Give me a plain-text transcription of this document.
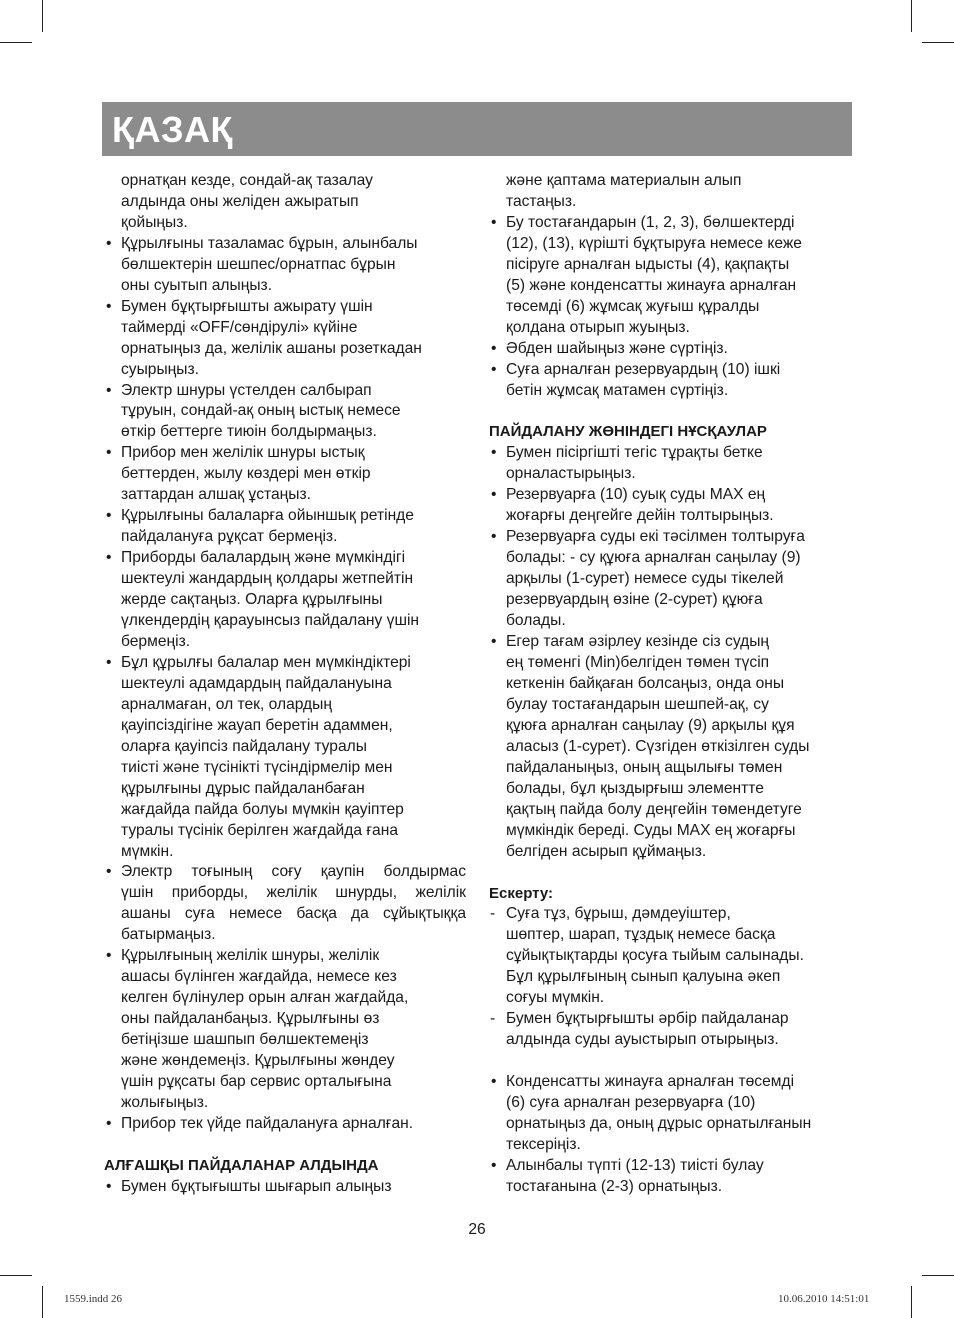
ҚАЗАҚ
орнатқан кезде, сондай-ақ тазалау
алдында оны желіден ажыратып
қойыңыз.
• Құрылғыны тазаламас бұрын, алынбалы
бөлшектерін шешпес/орнатпас бұрын
оны суытып алыңыз.
• Бумен бұқтырғышты ажырату үшін
таймерді «OFF/сөндірулі» күйіне
орнатыңыз да, желілік ашаны розеткадан
суырыңыз.
• Электр шнуры үстелден салбырап
тұруын, сондай-ақ оның ыстық немесе
өткір беттерге тиюін болдырмаңыз.
• Прибор мен желілік шнуры ыстық
беттерден, жылу көздері мен өткір
заттардан алшақ ұстаңыз.
• Құрылғыны балаларға ойыншық ретінде
пайдалануға рұқсат бермеңіз.
• Приборды балалардың және мүмкіндігі
шектеулі жандардың қолдары жетпейтін
жерде сақтаңыз. Оларға құрылғыны
үлкендердің қарауынсыз пайдалану үшін
бермеңіз.
• Бұл құрылғы балалар мен мүмкіндіктері
шектеулі адамдардың пайдалануына
арналмаған, ол тек, олардың
қауіпсіздігіне жауап беретін адаммен,
оларға қауіпсіз пайдалану туралы
тиісті және түсінікті түсіндірмелір мен
құрылғыны дұрыс пайдаланбаған
жағдайда пайда болуы мүмкін қауіптер
туралы түсінік берілген жағдайда ғана
мүмкін.
• Электр тоғының соғу қаупін болдырмас
үшін приборды, желілік шнурды, желілік
ашаны суға немесе басқа да сұйықтыққа
батырмаңыз.
• Құрылғының желілік шнуры, желілік
ашасы бүлінген жағдайда, немесе кез
келген бүлінулер орын алған жағдайда,
оны пайдаланбаңыз. Құрылғыны өз
бетіңізше шашпып бөлшектемеңіз
және жөндемеңіз. Құрылғыны жөндеу
үшін рұқсаты бар сервис орталығына
жолығыңыз.
• Прибор тек үйде пайдалануға арналған.

АЛҒАШҚЫ ПАЙДАЛАНАР АЛДЫНДА

• Бумен бұқтығышты шығарып алыңыз
және қаптама материалын алып
тастаңыз.
• Бу тостағандарын (1, 2, 3), бөлшектерді
(12), (13), күрішті бұқтыруға немесе кеже
пісіруге арналған ыдысты (4), қақпақты
(5) және конденсатты жинауға арналған
төсемді (6) жұмсақ жуғыш құралды
қолдана отырып жуыңыз.
• Әбден шайыңыз және сүртіңіз.
• Суға арналған резервуардың (10) ішкі
бетін жұмсақ матамен сүртіңіз.

ПАЙДАЛАНУ ЖӨНІНДЕГІ НҰСҚАУЛАР

• Бумен пісіргішті тегіс тұрақты бетке
орналастырыңыз.
• Резервуарға (10) суық суды MAX ең
жоғарғы деңгейге дейін толтырыңыз.
• Резервуарға суды екі тәсілмен толтыруға
болады: - су құюға арналған саңылау (9)
арқылы (1-сурет) немесе суды тікелей
резервуардың өзіне (2-сурет) құюға
болады.
• Егер тағам әзірлеу кезінде сіз судың
ең төменгі (Min)белгіден төмен түсіп
кеткенін байқаған болсаңыз, онда оны
булау тостағандарын шешпей-ақ, су
құюға арналған саңылау (9) арқылы құя
аласыз (1-сурет). Сүзгіден өткізілген суды
пайдаланыңыз, оның ащылығы төмен
болады, бұл қыздырғыш элементте
қақтың пайда болу деңгейін төмендетуге
мүмкіндік береді. Суды MAX ең жоғарғы
белгіден асырып құймаңыз.

Ескерту:

- Суға тұз, бұрыш, дәмдеуіштер,
шөптер, шарап, тұздық немесе басқа
сұйықтықтарды қосуға тыйым салынады.
Бұл құрылғының сынып қалуына әкеп
соғуы мүмкін.
- Бумен бұқтырғышты әрбір пайдаланар
алдында суды ауыстырып отырыңыз.
• Конденсатты жинауға арналған төсемді
(6) суға арналған резервуарға (10)
орнатыңыз да, оның дұрыс орнатылғанын
тексеріңіз.
• Алынбалы түпті (12-13) тиісті булау
тостағанына (2-3) орнатыңыз.
26
1559.indd 26	10.06.2010 14:51:01
